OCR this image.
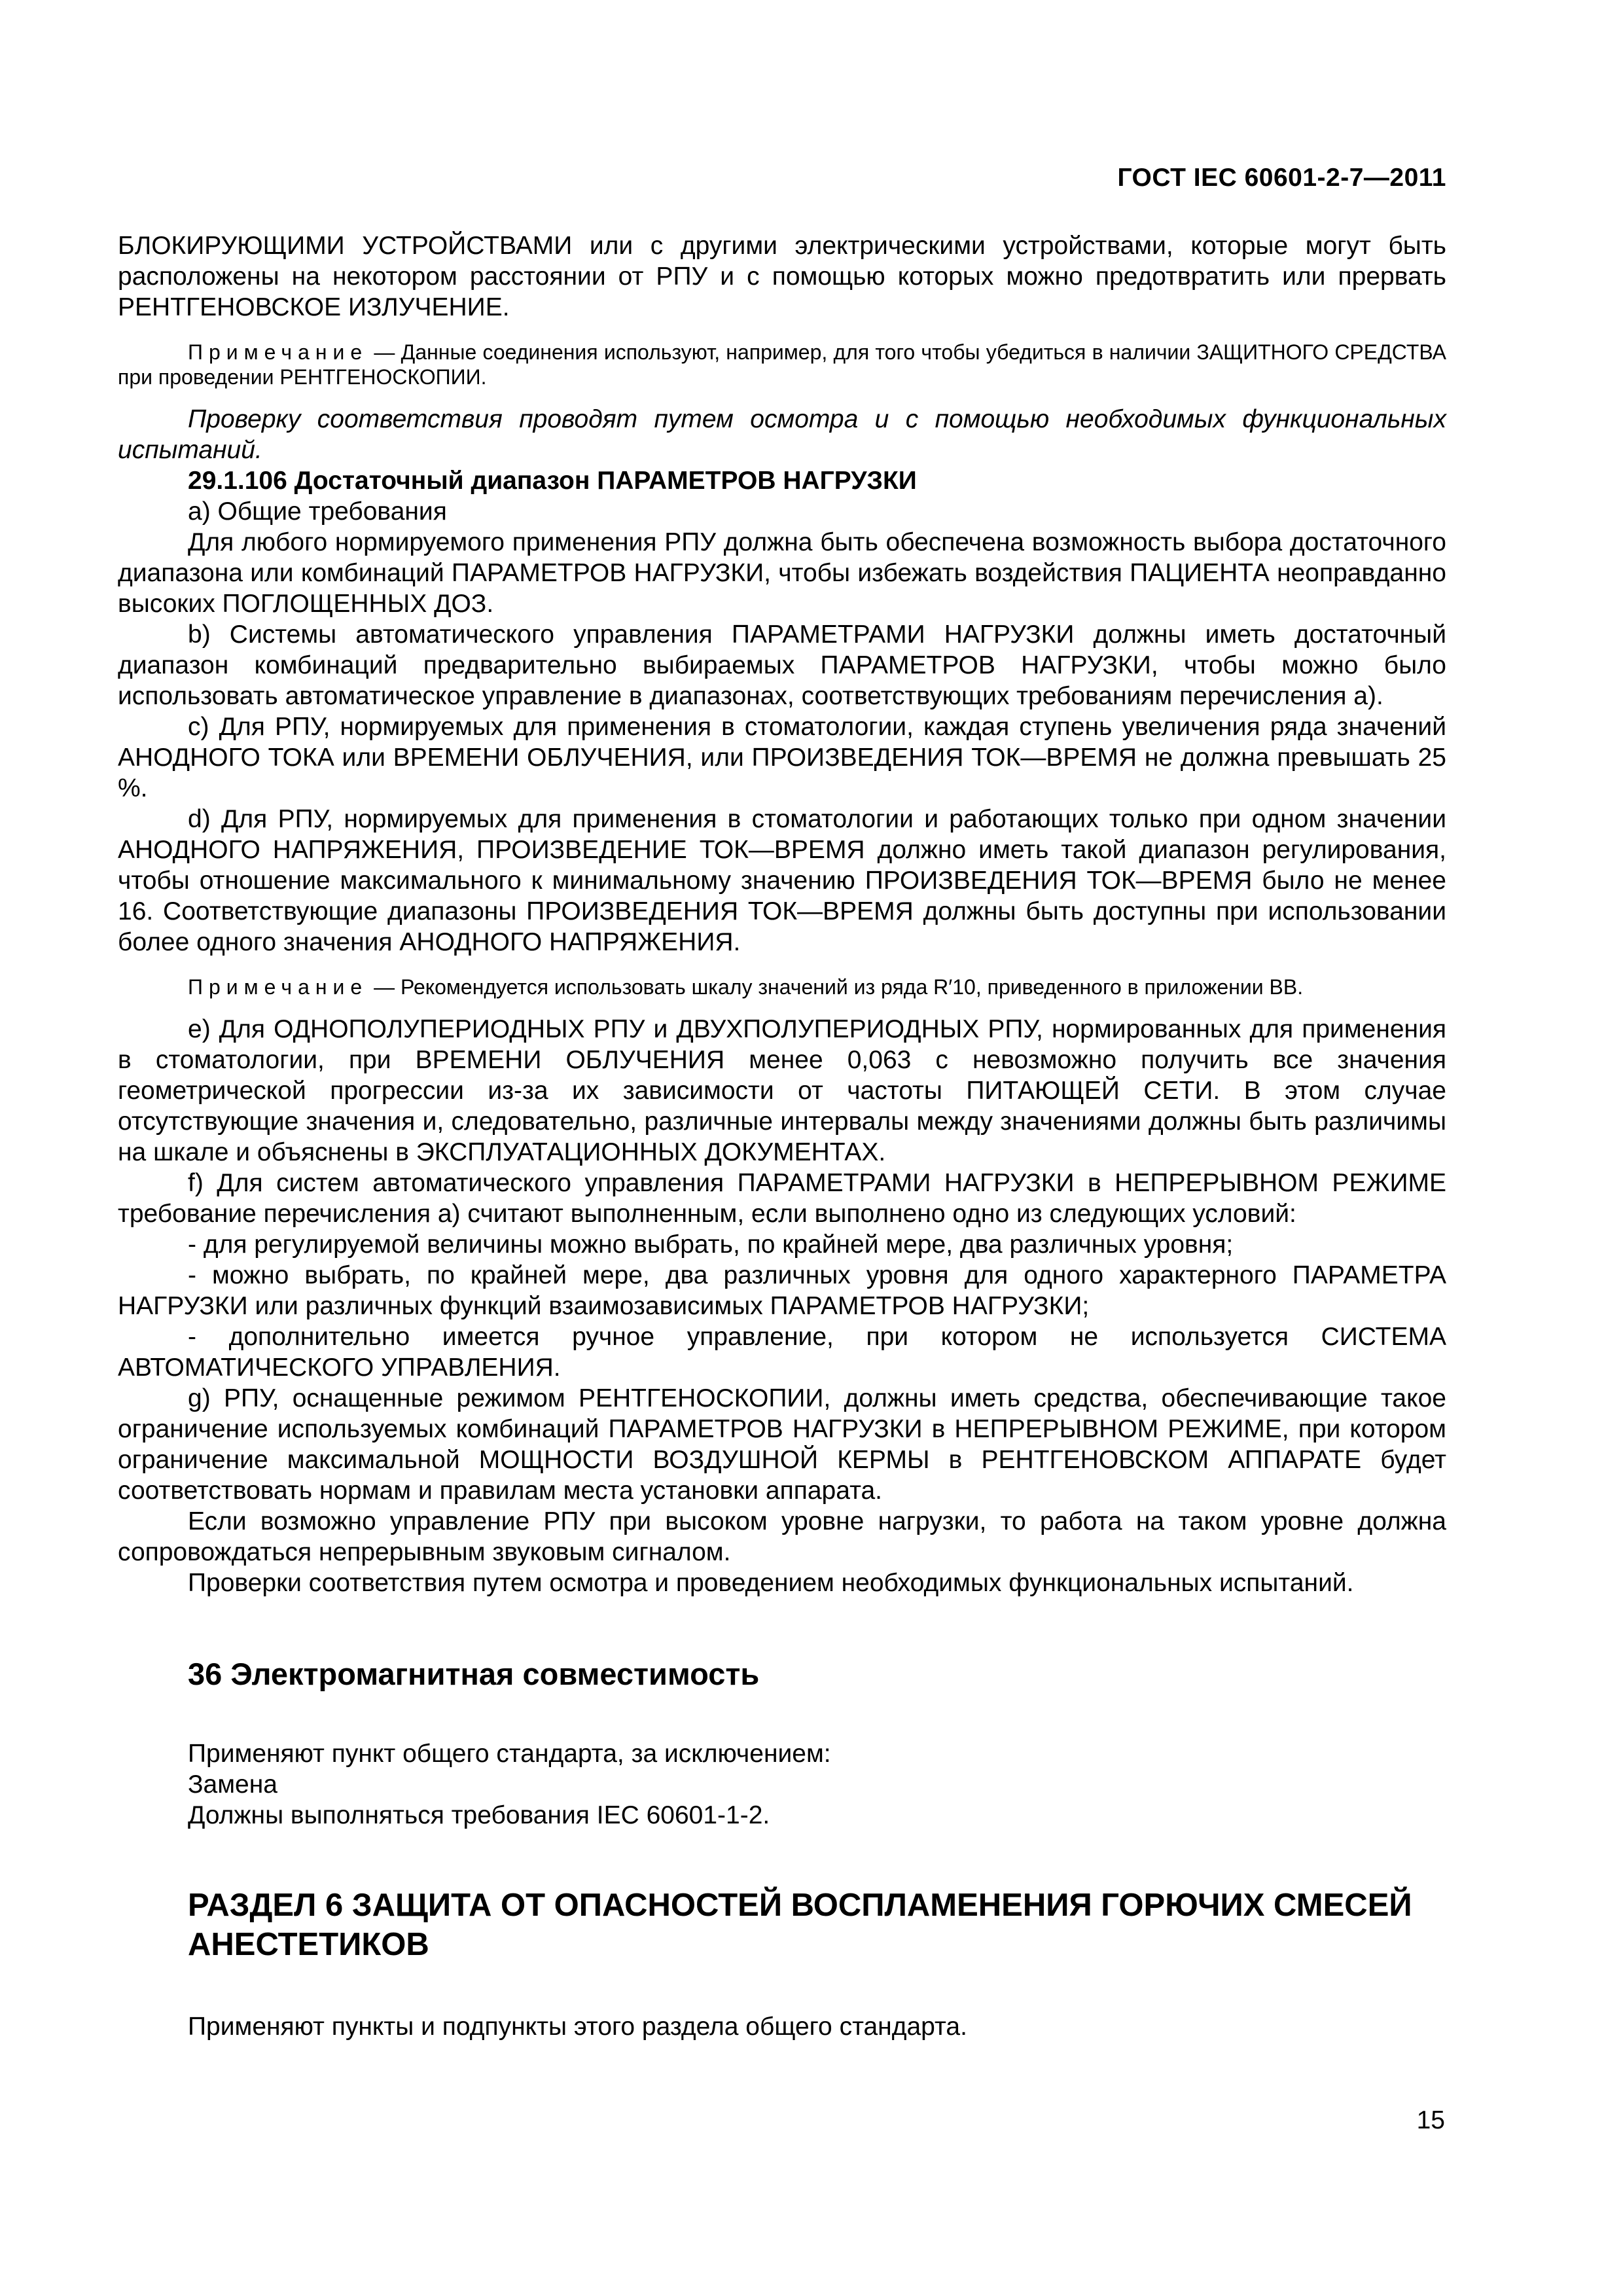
ГОСТ IEC 60601-2-7—2011

БЛОКИРУЮЩИМИ УСТРОЙСТВАМИ или с другими электрическими устройствами, которые могут быть расположены на некотором расстоянии от РПУ и с помощью которых можно предотвратить или прервать РЕНТГЕНОВСКОЕ ИЗЛУЧЕНИЕ.

Примечание — Данные соединения используют, например, для того чтобы убедиться в наличии ЗАЩИТНОГО СРЕДСТВА при проведении РЕНТГЕНОСКОПИИ.

Проверку соответствия проводят путем осмотра и с помощью необходимых функциональных испытаний.

29.1.106 Достаточный диапазон ПАРАМЕТРОВ НАГРУЗКИ

a) Общие требования

Для любого нормируемого применения РПУ должна быть обеспечена возможность выбора достаточного диапазона или комбинаций ПАРАМЕТРОВ НАГРУЗКИ, чтобы избежать воздействия ПАЦИЕНТА неоправданно высоких ПОГЛОЩЕННЫХ ДОЗ.

b) Системы автоматического управления ПАРАМЕТРАМИ НАГРУЗКИ должны иметь достаточный диапазон комбинаций предварительно выбираемых ПАРАМЕТРОВ НАГРУЗКИ, чтобы можно было использовать автоматическое управление в диапазонах, соответствующих требованиям перечисления а).

c) Для РПУ, нормируемых для применения в стоматологии, каждая ступень увеличения ряда значений АНОДНОГО ТОКА или ВРЕМЕНИ ОБЛУЧЕНИЯ, или ПРОИЗВЕДЕНИЯ ТОК—ВРЕМЯ не должна превышать 25 %.

d) Для РПУ, нормируемых для применения в стоматологии и работающих только при одном значении АНОДНОГО НАПРЯЖЕНИЯ, ПРОИЗВЕДЕНИЕ ТОК—ВРЕМЯ должно иметь такой диапазон регулирования, чтобы отношение максимального к минимальному значению ПРОИЗВЕДЕНИЯ ТОК—ВРЕМЯ было не менее 16. Соответствующие диапазоны ПРОИЗВЕДЕНИЯ ТОК—ВРЕМЯ должны быть доступны при использовании более одного значения АНОДНОГО НАПРЯЖЕНИЯ.

Примечание — Рекомендуется использовать шкалу значений из ряда R′10, приведенного в приложении ВВ.

e) Для ОДНОПОЛУПЕРИОДНЫХ РПУ и ДВУХПОЛУПЕРИОДНЫХ РПУ, нормированных для применения в стоматологии, при ВРЕМЕНИ ОБЛУЧЕНИЯ менее 0,063 с невозможно получить все значения геометрической прогрессии из-за их зависимости от частоты ПИТАЮЩЕЙ СЕТИ. В этом случае отсутствующие значения и, следовательно, различные интервалы между значениями должны быть различимы на шкале и объяснены в ЭКСПЛУАТАЦИОННЫХ ДОКУМЕНТАХ.

f) Для систем автоматического управления ПАРАМЕТРАМИ НАГРУЗКИ в НЕПРЕРЫВНОМ РЕЖИМЕ требование перечисления а) считают выполненным, если выполнено одно из следующих условий:

- для регулируемой величины можно выбрать, по крайней мере, два различных уровня;

- можно выбрать, по крайней мере, два различных уровня для одного характерного ПАРАМЕТРА НАГРУЗКИ или различных функций взаимозависимых ПАРАМЕТРОВ НАГРУЗКИ;

- дополнительно имеется ручное управление, при котором не используется СИСТЕМА АВТОМАТИЧЕСКОГО УПРАВЛЕНИЯ.

g) РПУ, оснащенные режимом РЕНТГЕНОСКОПИИ, должны иметь средства, обеспечивающие такое ограничение используемых комбинаций ПАРАМЕТРОВ НАГРУЗКИ в НЕПРЕРЫВНОМ РЕЖИМЕ, при котором ограничение максимальной МОЩНОСТИ ВОЗДУШНОЙ КЕРМЫ в РЕНТГЕНОВСКОМ АППАРАТЕ будет соответствовать нормам и правилам места установки аппарата.

Если возможно управление РПУ при высоком уровне нагрузки, то работа на таком уровне должна сопровождаться непрерывным звуковым сигналом.

Проверки соответствия путем осмотра и проведением необходимых функциональных испытаний.

36 Электромагнитная совместимость

Применяют пункт общего стандарта, за исключением:

Замена

Должны выполняться требования IEC 60601-1-2.

РАЗДЕЛ 6 ЗАЩИТА ОТ ОПАСНОСТЕЙ ВОСПЛАМЕНЕНИЯ ГОРЮЧИХ СМЕСЕЙ АНЕСТЕТИКОВ

Применяют пункты и подпункты этого раздела общего стандарта.

15
